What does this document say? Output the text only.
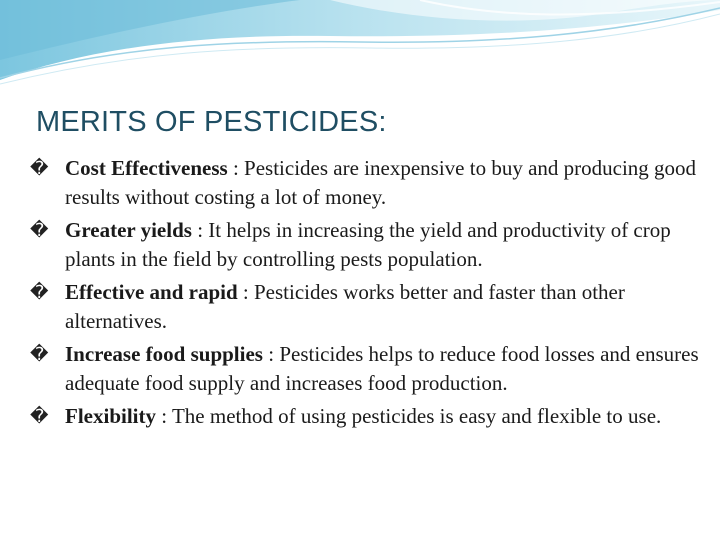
MERITS OF PESTICIDES:
� Cost Effectiveness : Pesticides are inexpensive to buy and producing good results without costing a lot of money.
� Greater yields : It helps in increasing the yield and productivity of crop plants in the field by controlling pests population.
� Effective and rapid : Pesticides works better and faster than other alternatives.
� Increase food supplies : Pesticides helps to reduce food losses and ensures adequate food supply and increases food production.
� Flexibility : The method of using pesticides is easy and flexible to use.
